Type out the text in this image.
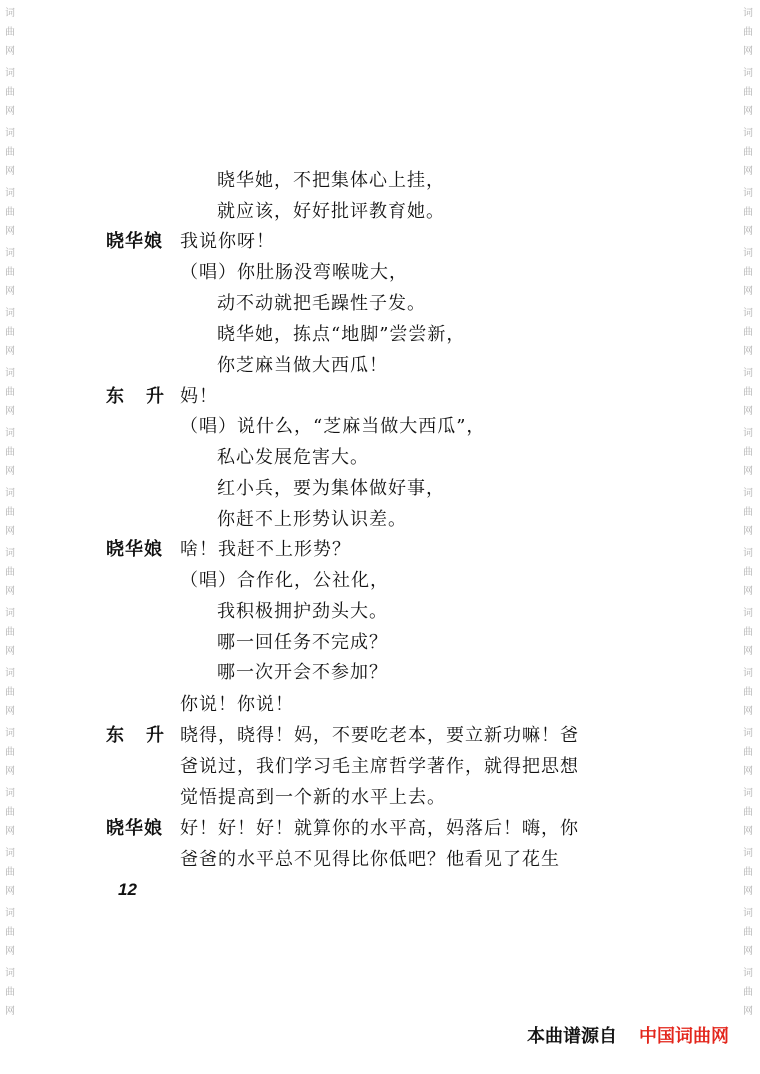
词
曲
网
词
曲
网
词
曲
网
词
曲
网
词
曲
网
词
曲
网
词
曲
网
词
曲
网
词
曲
网
词
曲
网
词
曲
网
词
曲
网
词
曲
网
词
曲
网
词
曲
网
词
曲
网
词
曲
网
词
曲
网
词
曲
网
词
曲
网
词
曲
网
词
曲
网
词
曲
网
词
曲
网
词
曲
网
词
曲
网
词
曲
网
词
曲
网
词
曲
网
词
曲
网
词
曲
网
词
曲
网
词
曲
网
词
曲
网
晓华娘
东升
晓华娘
东升
晓华娘
晓华她，不把集体心上挂，
就应该，好好批评教育她。
我说你呀！
（唱）你肚肠没弯喉咙大，
动不动就把毛躁性子发。
晓华她，拣点“地脚”尝尝新，
你芝麻当做大西瓜！
妈！
（唱）说什么，“芝麻当做大西瓜”，
私心发展危害大。
红小兵，要为集体做好事，
你赶不上形势认识差。
啥！我赶不上形势？
（唱）合作化，公社化，
我积极拥护劲头大。
哪一回任务不完成？
哪一次开会不参加？
你说！你说！
晓得，晓得！妈，不要吃老本，要立新功嘛！爸
爸说过，我们学习毛主席哲学著作，就得把思想
觉悟提高到一个新的水平上去。
好！好！好！就算你的水平高，妈落后！嗨，你
爸爸的水平总不见得比你低吧？他看见了花生
12
本曲谱源自 中国词曲网
